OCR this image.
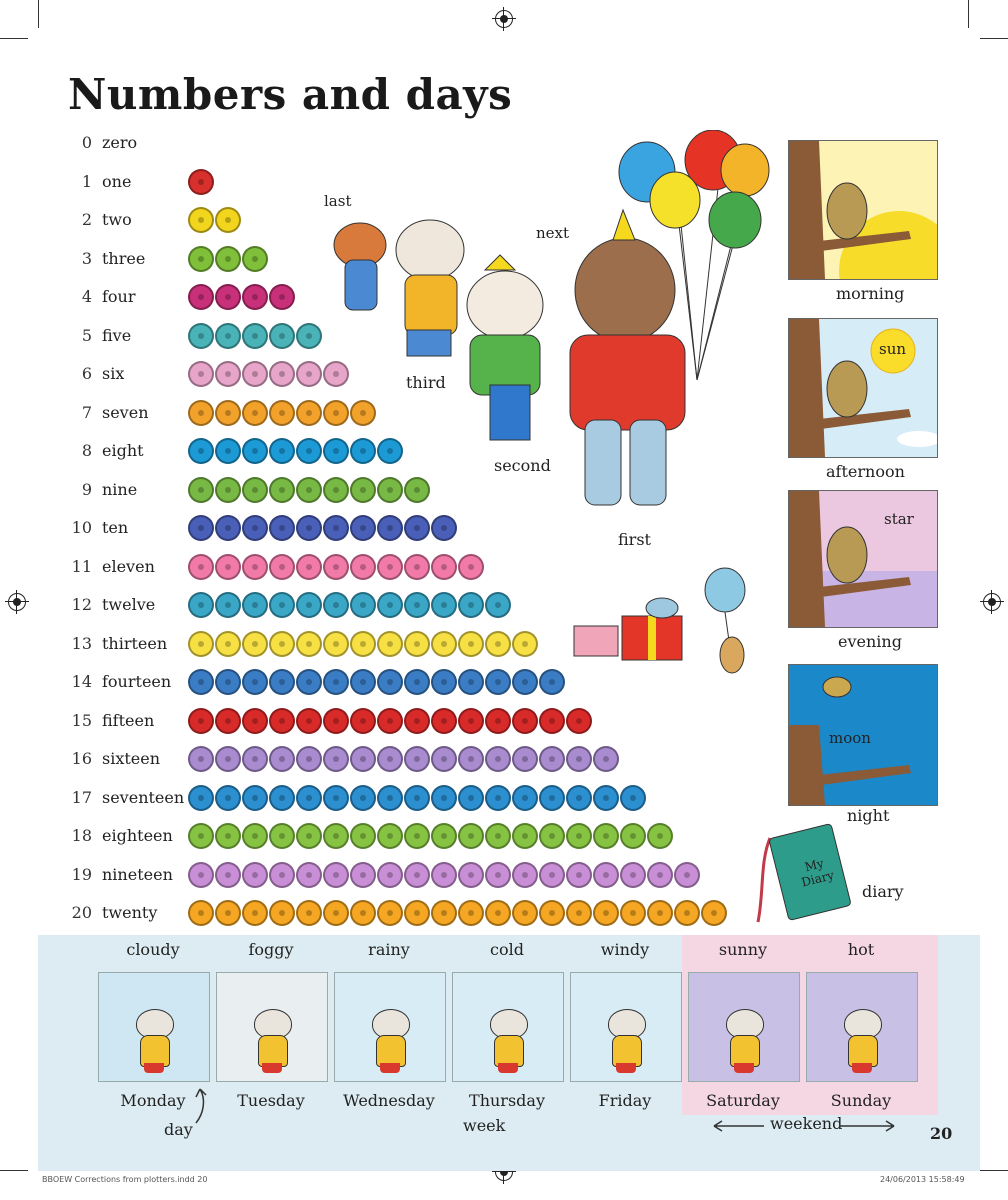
Numbers and days
0 zero
1 one
2 two
3 three
4 four
5 five
6 six
7 seven
8 eight
9 nine
10 ten
11 eleven
12 twelve
13 thirteen
14 fourteen
15 fifteen
16 sixteen
17 seventeen
18 eighteen
19 nineteen
20 twenty
last
next
third
second
first
morning
sun
afternoon
star
evening
moon
night
My Diary
diary
cloudy
Monday
foggy
Tuesday
rainy
Wednesday
cold
Thursday
windy
Friday
sunny
Saturday
hot
Sunday
day	week	weekend
20
BBOEW Corrections from plotters.indd 20	24/06/2013 15:58:49
